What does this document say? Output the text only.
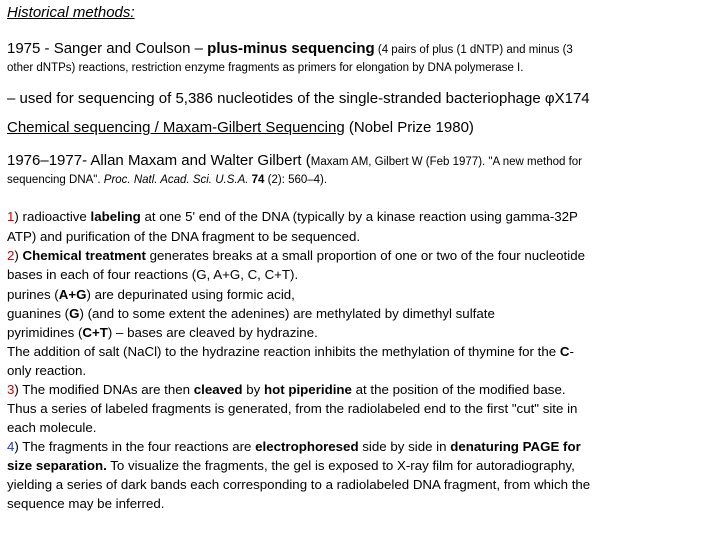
Historical methods:
1975 - Sanger and Coulson – plus-minus sequencing (4 pairs of plus (1 dNTP) and minus (3
other dNTPs) reactions, restriction enzyme fragments as primers for elongation by DNA polymerase I.
– used for sequencing of 5,386 nucleotides of the single-stranded bacteriophage φX174
Chemical sequencing / Maxam-Gilbert Sequencing (Nobel Prize 1980)
1976–1977- Allan Maxam and Walter Gilbert (Maxam AM, Gilbert W (Feb 1977). "A new method for
sequencing DNA". Proc. Natl. Acad. Sci. U.S.A. 74 (2): 560–4).
1) radioactive labeling at one 5' end of the DNA (typically by a kinase reaction using gamma-32P
ATP) and purification of the DNA fragment to be sequenced.
2) Chemical treatment generates breaks at a small proportion of one or two of the four nucleotide
bases in each of four reactions (G, A+G, C, C+T).
purines (A+G) are depurinated using formic acid,
guanines (G) (and to some extent the adenines) are methylated by dimethyl sulfate
pyrimidines (C+T) – bases are cleaved by hydrazine.
The addition of salt (NaCl) to the hydrazine reaction inhibits the methylation of thymine for the C-
only reaction.
3) The modified DNAs are then cleaved by hot piperidine at the position of the modified base.
Thus a series of labeled fragments is generated, from the radiolabeled end to the first "cut" site in
each molecule.
4) The fragments in the four reactions are electrophoresed side by side in denaturing PAGE for
size separation. To visualize the fragments, the gel is exposed to X-ray film for autoradiography,
yielding a series of dark bands each corresponding to a radiolabeled DNA fragment, from which the
sequence may be inferred.
